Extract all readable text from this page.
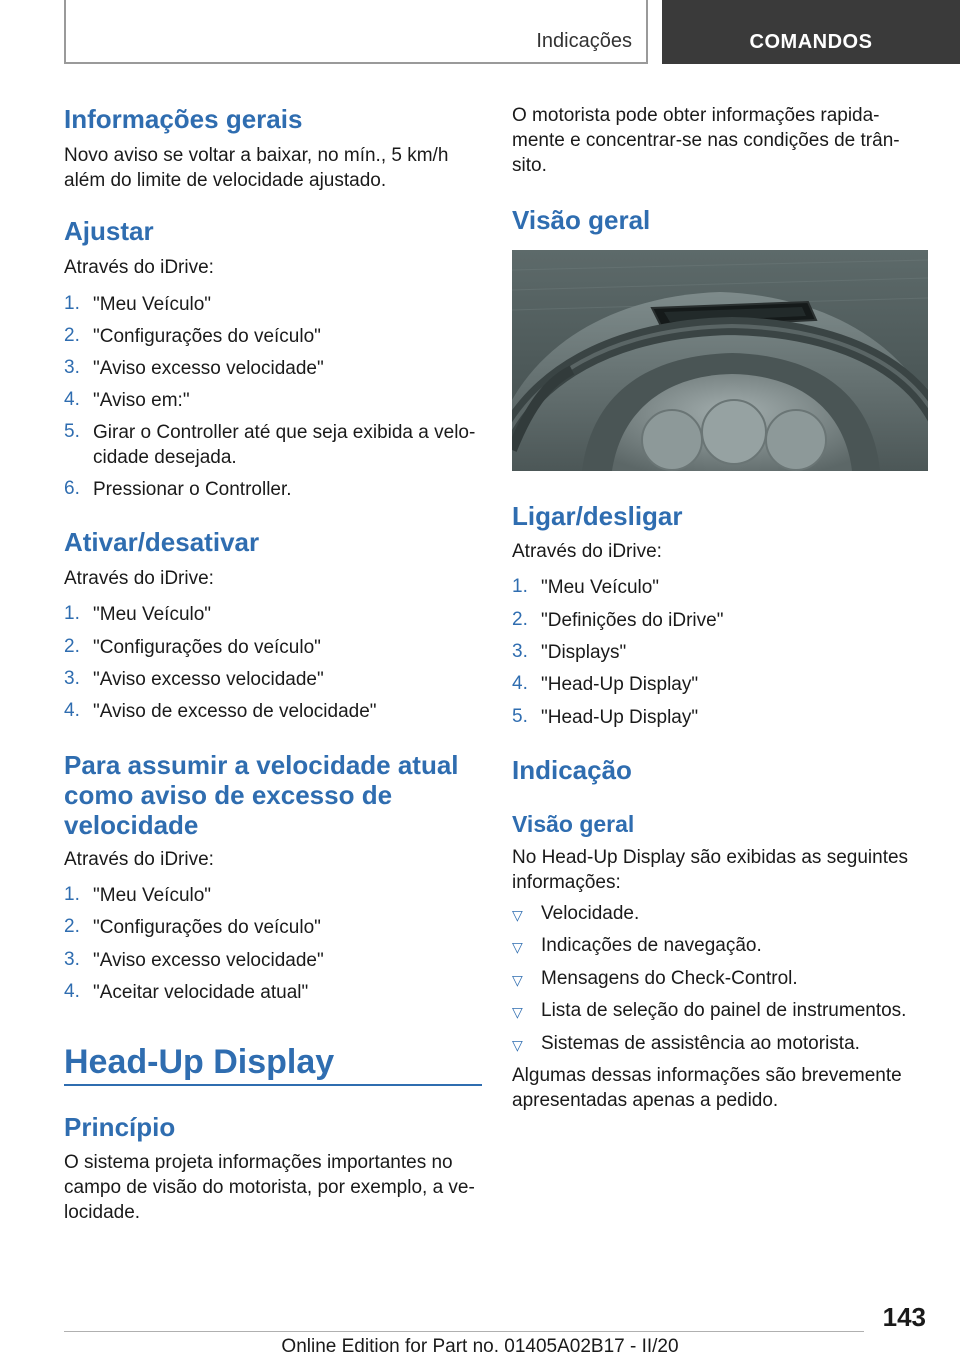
Indicações	COMANDOS
Informações gerais

Novo aviso se voltar a baixar, no mín., 5 km/h

além do limite de velocidade ajustado.

Ajustar

Através do iDrive:

1. "Meu Veículo"

2. "Configurações do veículo"

3. "Aviso excesso velocidade"

4. "Aviso em:"

5. Girar o Controller até que seja exibida a velo-

cidade desejada.

6. Pressionar o Controller.

Ativar/desativar

Através do iDrive:

1. "Meu Veículo"

2. "Configurações do veículo"

3. "Aviso excesso velocidade"

4. "Aviso de excesso de velocidade"

Para assumir a velocidade atual
como aviso de excesso de
velocidade

Através do iDrive:

1. "Meu Veículo"

2. "Configurações do veículo"

3. "Aviso excesso velocidade"

4. "Aceitar velocidade atual"

Head-Up Display
Princípio

O sistema projeta informações importantes no

campo de visão do motorista, por exemplo, a ve-

locidade.

O motorista pode obter informações rapida-

mente e concentrar-se nas condições de trân-

sito.

Visão geral
Ligar/desligar

Através do iDrive:

1. "Meu Veículo"

2. "Definições do iDrive"

3. "Displays"

4. "Head-Up Display"

5. "Head-Up Display"

Indicação
Visão geral

No Head-Up Display são exibidas as seguintes

informações:

▽ Velocidade.

▽ Indicações de navegação.

▽ Mensagens do Check-Control.

▽ Lista de seleção do painel de instrumentos.

▽ Sistemas de assistência ao motorista.

Algumas dessas informações são brevemente

apresentadas apenas a pedido.

143
Online Edition for Part no. 01405A02B17 - II/20
